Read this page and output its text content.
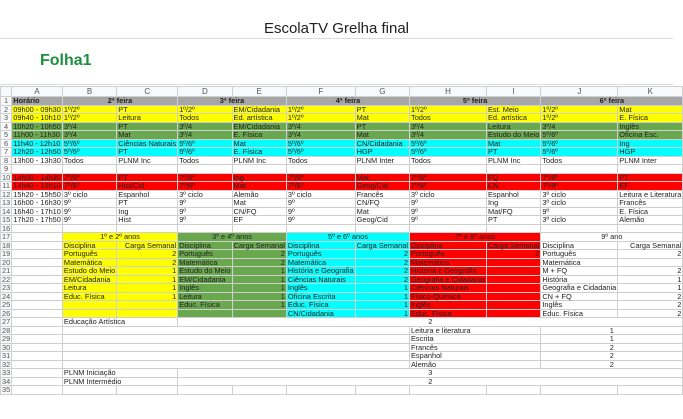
EscolaTV Grelha final
Folha1
	A	B	C	D	E	F	G	H	I	J	K
1	Horário	2ª feira		3ª feira		4ª feira		5ª feira		6ª feira	
2	09h00 - 09h30	1º/2º	PT	1º/2º	EM/Cidadania	1º/2º	PT	1º/2º	Est. Meio	1º/2º	Mat
3	09h40 - 10h10	1º/2º	Leitura	Todos	Ed. artística	1º/2º	Mat	Todos	Ed. artística	1º/2º	E. Física
4	10h20 - 10h50	3º/4	PT	3º/4	EM/Cidadania	3º/4	PT	3º/4	Leitura	3º/4	Inglês
5	11h00 - 11h30	3º/4	Mat	3º/4	E. Física	3º/4	Mat	3º/4	Estudo do Meio	5º/6º	Oficina Esc.
6	11h40 - 12h10	5º/6º	Ciências Naturais	5º/6º	Mat	5º/6º	CN/Cidadania	5º/6º	Mat	5º/6º	Ing
7	12h20 - 12h50	5º/6º	PT	5º/6º	E. Física	5º/6º	HGP	5º/6º	PT	5º/6º	HGP
8	13h00 - 13h30	Todos	PLNM Inc	Todos	PLNM Inc	Todos	PLNM Inter	Todos	PLNM Inc	Todos	PLNM Inter
9											
10	14h00 - 14h30	7º/8º	PT	7º/8º	Ing	7º/8º	Mat	7º/8º	FQ	7º/8º	PT
11	14h40 - 15h10	7º/8º	Hist/Cid	7º/8º	Mat	7º/8º	Geog/Cid	7º/8º	CN	7º/8º	EF
12	15h20 - 15h50	3º ciclo	Espanhol	3º ciclo	Alemão	3º ciclo	Francês	3º ciclo	Espanhol	3º ciclo	Leitura e Literatura
13	16h00 - 16h30	9º	PT	9º	Mat	9º	CN/FQ	9º	Ing	3º ciclo	Francês
14	16h40 - 17h10	9º	Ing	9º	CN/FQ	9º	Mat	9º	Mat/FQ	9º	E. Física
15	17h20 - 17h50	9º	Hist	9º	EF	9º	Geog/Cid	9º	PT	3º ciclo	Alemão
16											
17		1º e 2º anos		3º e 4º anos		5º e 6º anos		7º e 8º anos		9º ano	
18		Disciplina	Carga Semanal	Disciplina	Carga Semanal	Disciplina	Carga Semanal	Disciplina	Carga Semanal	Disciplina	Carga Semanal
19		Português	2	Português	2	Português	2	Português	2	Português	2
20		Matemática	2	Matemática	2	Matemática	2	Matemática		Matemática	
21		Estudo do Meio	1	Estudo do Meio	1	História e Geografia	2	História e Geografia		M + FQ	2
22		EM/Cidadania	1	EM/Cidadania	1	Ciências Naturais	2	Geografia e Cidadania		História	1
23		Leitura	1	Inglês	1	Inglês	1	Ciências Naturais		Geografia e Cidadania	1
24		Educ. Física	1	Leitura	1	Oficina Escrita	1	Físico-Química		CN + FQ	2
25				Educ. Física	1	Educ. Física	1	Inglês		Inglês	2
26						CN/Cidadania	1	Educ. Física		Educ. Física	2
27		Educação Artística		2							
28								Leitura e literatura		1	
29								Escrita		1	
30								Francês		2	
31								Espanhol		2	
32								Alemão		2	
33		PLNM Iniciação		3							
34		PLNM Intermédio		2							
35											
